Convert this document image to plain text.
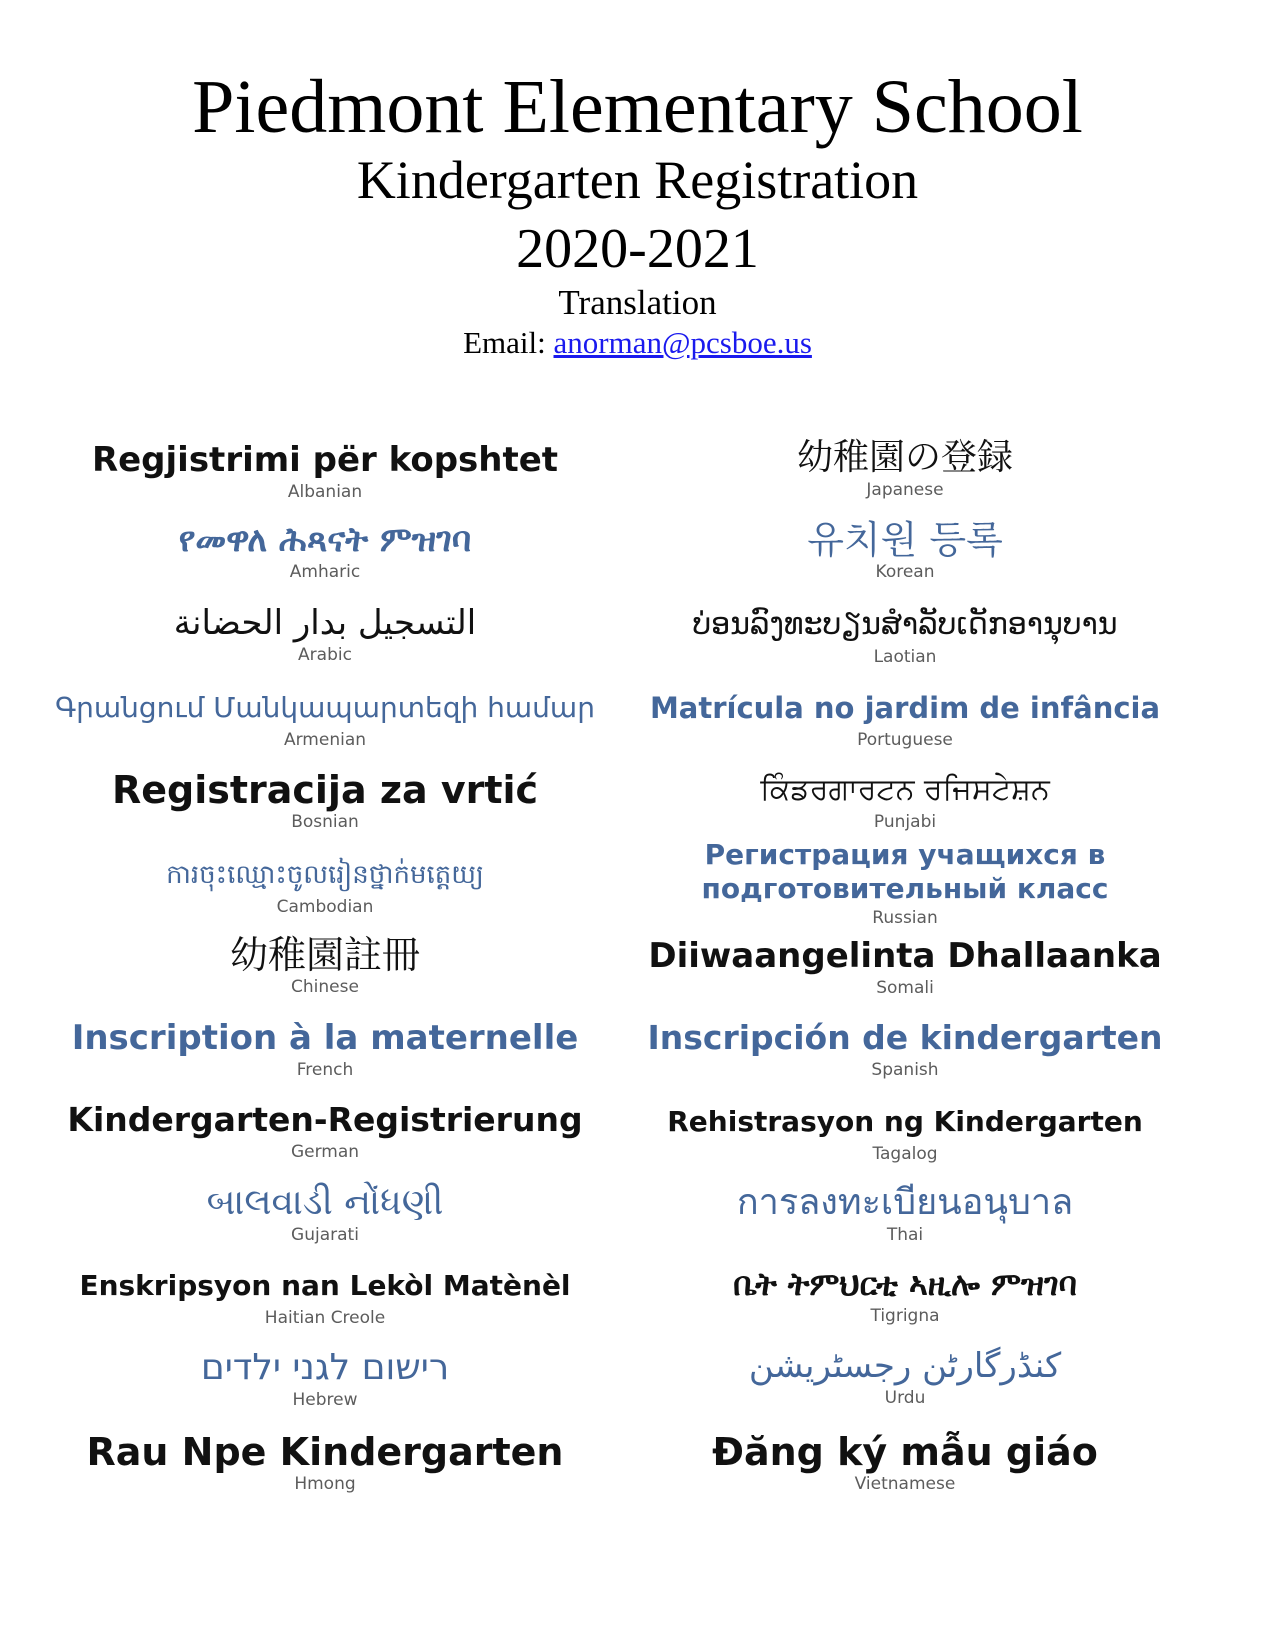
Piedmont Elementary School
Kindergarten Registration
2020-2021
Translation
Email: anorman@pcsboe.us
Regjistrimi për kopshtet
Albanian
የመዋለ ሕጻናት ምዝገባ
Amharic
التسجيل بدار الحضانة
Arabic
Գրանցում Մանկապարտեզի համար
Armenian
Registracija za vrtić
Bosnian
ការចុះឈ្មោះចូលរៀនថ្នាក់មត្តេយ្យ
Cambodian
幼稚園註冊
Chinese
Inscription à la maternelle
French
Kindergarten-Registrierung
German
બાલવાડી નોંધણી
Gujarati
Enskripsyon nan Lekòl Matènèl
Haitian Creole
רישום לגני ילדים
Hebrew
Rau Npe Kindergarten
Hmong
幼稚園の登録
Japanese
유치원 등록
Korean
ບ່ອນລົງທະບຽນສໍາລັບເດັກອານຸບານ
Laotian
Matrícula no jardim de infância
Portuguese
ਕਿੰਡਰਗਾਰਟਨ ਰਜਿਸਟੇਸ਼ਨ
Punjabi
Регистрация учащихся в
подготовительный класс
Russian
Diiwaangelinta Dhallaanka
Somali
Inscripción de kindergarten
Spanish
Rehistrasyon ng Kindergarten
Tagalog
การลงทะเบียนอนุบาล
Thai
ቤት ትምህርቲ ኣዚሎ ምዝገባ
Tigrigna
کنڈرگارٹن رجسٹریشن
Urdu
Đăng ký mẫu giáo
Vietnamese
